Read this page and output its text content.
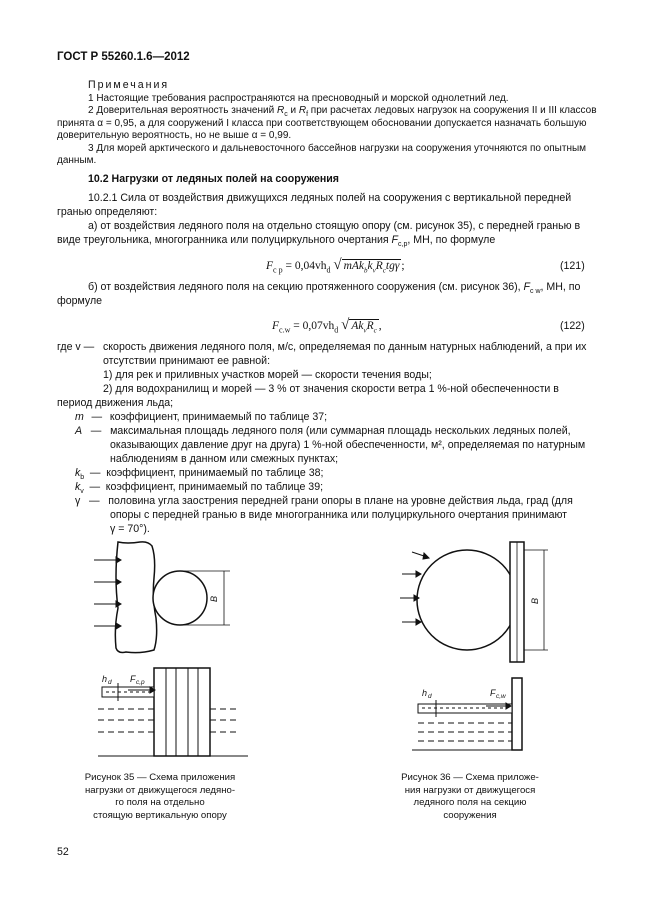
ГОСТ Р 55260.1.6—2012
Примечания
1 Настоящие требования распространяются на пресноводный и морской однолетний лед.
2 Доверительная вероятность значений $R_c$ и $R_f$ при расчетах ледовых нагрузок на сооружения II и III классов
принята α = 0,95, а для сооружений I класса при соответствующем обосновании допускается назначать большую
доверительную вероятность, но не выше α = 0,99.
3 Для морей арктического и дальневосточного бассейнов нагрузки на сооружения уточняются по опытным
данным.
10.2 Нагрузки от ледяных полей на сооружения
10.2.1 Сила от воздействия движущихся ледяных полей на сооружения с вертикальной передней
гранью определяют:
а) от воздействия ледяного поля на отдельно стоящую опору (см. рисунок 35), с передней гранью в
виде треугольника, многогранника или полуциркульного очертания $F_{c,p}$, МН, по формуле
$F_{c p} = 0,04vh_d$ √ $mAk_bk_vR_ctg\gamma$ ;	(121)
б) от воздействия ледяного поля на секцию протяженного сооружения (см. рисунок 36), $F_{c w}$, МН, по
формуле
$F_{c.w} = 0,07vh_d$ √ $Ak_vR_c$ ,	(122)
где v — скорость движения ледяного поля, м/с, определяемая по данным натурных наблюдений, а при их
отсутствии принимают ее равной:
1) для рек и приливных участков морей — скорости течения воды;
2) для водохранилищ и морей — 3 % от значения скорости ветра 1 %-ной обеспеченности в
период движения льда;
m — коэффициент, принимаемый по таблице 37;
A — максимальная площадь ледяного поля (или суммарная площадь нескольких ледяных полей,
оказывающих давление друг на друга) 1 %-ной обеспеченности, м², определяемая по натурным
наблюдениям в данном или смежных пунктах;
$k_b$ — коэффициент, принимаемый по таблице 38;
$k_v$ — коэффициент, принимаемый по таблице 39;
γ — половина угла заострения передней грани опоры в плане на уровне действия льда, град (для
опоры с передней гранью в виде многогранника или полуциркульного очертания принимают
γ = 70°).
B
h d F c,p
Рисунок 35 — Схема приложения
нагрузки от движущегося ледяно-
го поля на отдельно
стоящую вертикальную опору
B
h d	F c,w
Рисунок 36 — Схема приложе-
ния нагрузки от движущегося
ледяного поля на секцию
сооружения
52
